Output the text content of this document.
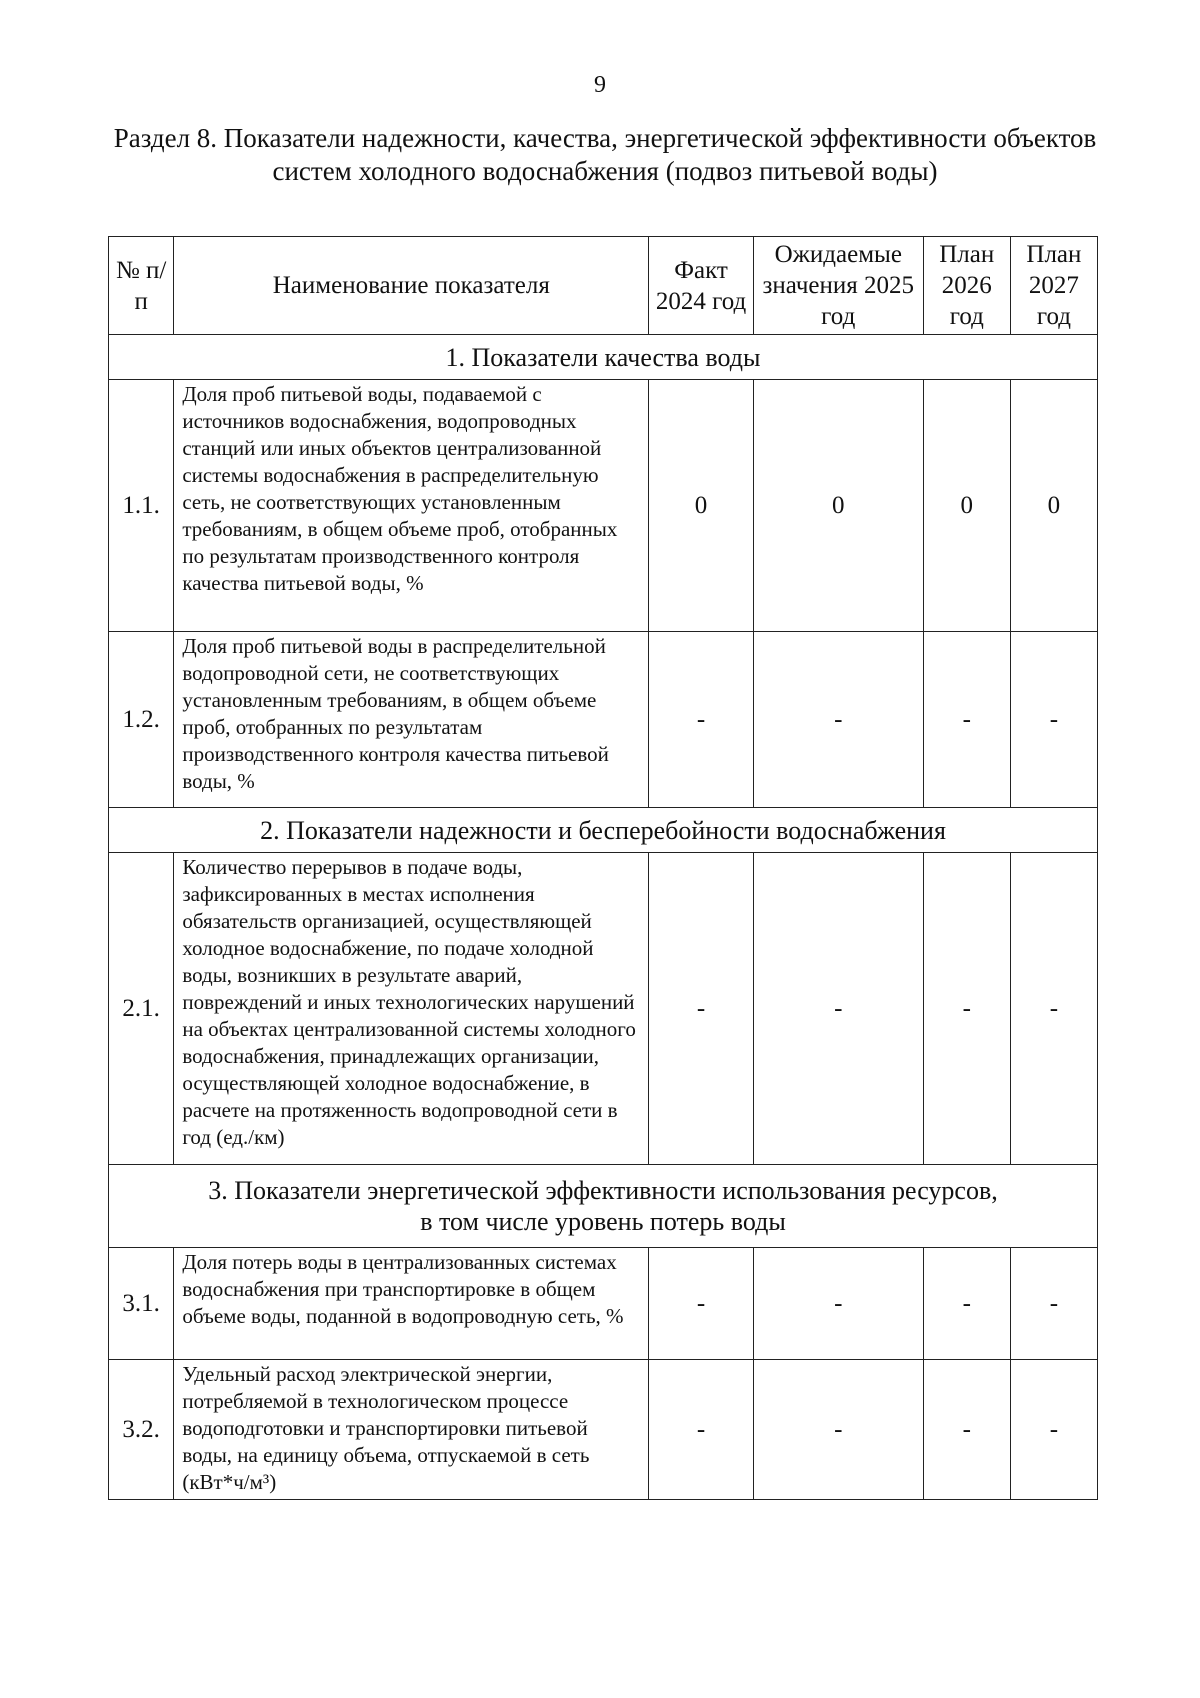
9
Раздел 8. Показатели надежности, качества, энергетической эффективности объектов систем холодного водоснабжения (подвоз питьевой воды)
№ п/п	Наименование показателя	Факт 2024 год	Ожидаемые значения 2025 год	План 2026 год	План 2027 год
1. Показатели качества воды					
1.1.	Доля проб питьевой воды, подаваемой с источников водоснабжения, водопроводных станций или иных объектов централизованной системы водоснабжения в распределительную сеть, не соответствующих установленным требованиям, в общем объеме проб, отобранных по результатам производственного контроля качества питьевой воды, %	0	0	0	0
1.2.	Доля проб питьевой воды в распределительной водопроводной сети, не соответствующих установленным требованиям, в общем объеме проб, отобранных по результатам производственного контроля качества питьевой воды, %	-	-	-	-
2. Показатели надежности и бесперебойности водоснабжения					
2.1.	Количество перерывов в подаче воды, зафиксированных в местах исполнения обязательств организацией, осуществляющей холодное водоснабжение, по подаче холодной воды, возникших в результате аварий, повреждений и иных технологических нарушений на объектах централизованной системы холодного водоснабжения, принадлежащих организации, осуществляющей холодное водоснабжение, в расчете на протяженность водопроводной сети в год (ед./км)	-	-	-	-
3. Показатели энергетической эффективности использования ресурсов, в том числе уровень потерь воды					
3.1.	Доля потерь воды в централизованных системах водоснабжения при транспортировке в общем объеме воды, поданной в водопроводную сеть, %	-	-	-	-
3.2.	Удельный расход электрической энергии, потребляемой в технологическом процессе водоподготовки и транспортировки питьевой воды, на единицу объема, отпускаемой в сеть (кВт*ч/м³)	-	-	-	-
